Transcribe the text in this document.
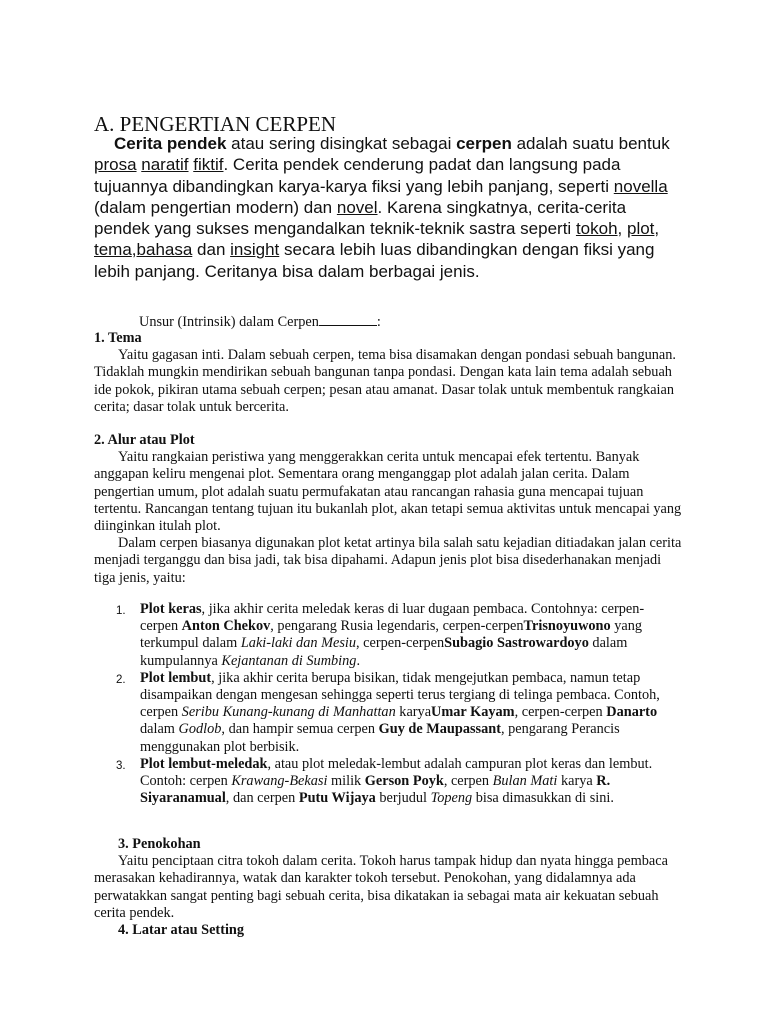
A. PENGERTIAN CERPEN
Cerita pendek atau sering disingkat sebagai cerpen adalah suatu bentuk prosa naratif fiktif. Cerita pendek cenderung padat dan langsung pada tujuannya dibandingkan karya-karya fiksi yang lebih panjang, seperti novella (dalam pengertian modern) dan novel. Karena singkatnya, cerita-cerita pendek yang sukses mengandalkan teknik-teknik sastra seperti tokoh, plot, tema,bahasa dan insight secara lebih luas dibandingkan dengan fiksi yang lebih panjang. Ceritanya bisa dalam berbagai jenis.
Unsur (Intrinsik) dalam Cerpen	:
1. Tema

Yaitu gagasan inti. Dalam sebuah cerpen, tema bisa disamakan dengan pondasi sebuah bangunan. Tidaklah mungkin mendirikan sebuah bangunan tanpa pondasi. Dengan kata lain tema adalah sebuah ide pokok, pikiran utama sebuah cerpen; pesan atau amanat. Dasar tolak untuk membentuk rangkaian cerita; dasar tolak untuk bercerita.

2. Alur atau Plot

Yaitu rangkaian peristiwa yang menggerakkan cerita untuk mencapai efek tertentu. Banyak anggapan keliru mengenai plot. Sementara orang menganggap plot adalah jalan cerita. Dalam pengertian umum, plot adalah suatu permufakatan atau rancangan rahasia guna mencapai tujuan tertentu. Rancangan tentang tujuan itu bukanlah plot, akan tetapi semua aktivitas untuk mencapai yang diinginkan itulah plot.

Dalam cerpen biasanya digunakan plot ketat artinya bila salah satu kejadian ditiadakan jalan cerita menjadi terganggu dan bisa jadi, tak bisa dipahami. Adapun jenis plot bisa disederhanakan menjadi tiga jenis, yaitu:

1. Plot keras, jika akhir cerita meledak keras di luar dugaan pembaca. Contohnya: cerpen-cerpen Anton Chekov, pengarang Rusia legendaris, cerpen-cerpenTrisnoyuwono yang terkumpul dalam Laki-laki dan Mesiu, cerpen-cerpenSubagio Sastrowardoyo dalam kumpulannya Kejantanan di Sumbing.
2. Plot lembut, jika akhir cerita berupa bisikan, tidak mengejutkan pembaca, namun tetap disampaikan dengan mengesan sehingga seperti terus tergiang di telinga pembaca. Contoh, cerpen Seribu Kunang-kunang di Manhattan karyaUmar Kayam, cerpen-cerpen Danarto dalam Godlob, dan hampir semua cerpen Guy de Maupassant, pengarang Perancis menggunakan plot berbisik.
3. Plot lembut-meledak, atau plot meledak-lembut adalah campuran plot keras dan lembut. Contoh: cerpen Krawang-Bekasi milik Gerson Poyk, cerpen Bulan Mati karya R. Siyaranamual, dan cerpen Putu Wijaya berjudul Topeng bisa dimasukkan di sini.
3. Penokohan

Yaitu penciptaan citra tokoh dalam cerita. Tokoh harus tampak hidup dan nyata hingga pembaca merasakan kehadirannya, watak dan karakter tokoh tersebut. Penokohan, yang didalamnya ada perwatakkan sangat penting bagi sebuah cerita, bisa dikatakan ia sebagai mata air kekuatan sebuah cerita pendek.

4. Latar atau Setting
